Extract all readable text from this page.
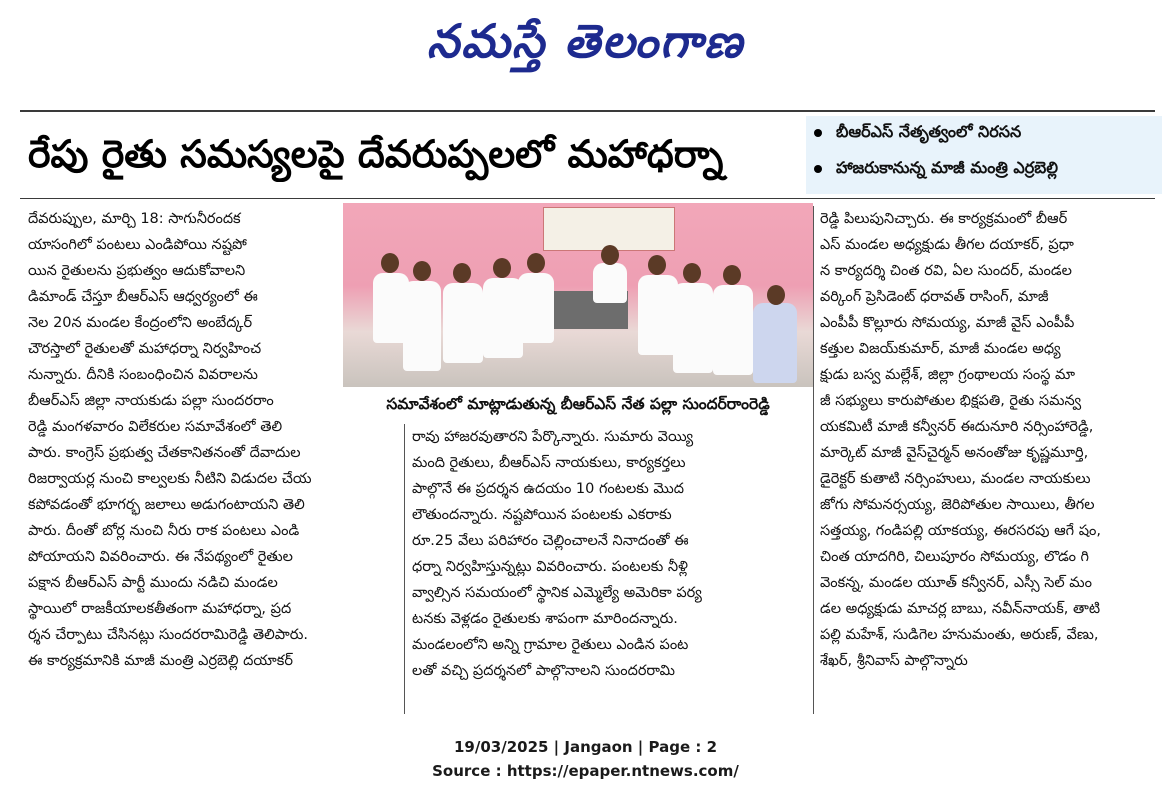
నమస్తే తెలంగాణ
రేపు రైతు సమస్యలపై దేవరుప్పలలో మహాధర్నా
బీఆర్ఎస్ నేతృత్వంలో నిరసన
హాజరుకానున్న మాజీ మంత్రి ఎర్రబెల్లి

దేవరుప్పుల, మార్చి 18: సాగునీరందక

యాసంగిలో పంటలు ఎండిపోయి నష్టపో

యిన రైతులను ప్రభుత్వం ఆదుకోవాలని

డిమాండ్ చేస్తూ బీఆర్ఎస్ ఆధ్వర్యంలో ఈ

నెల 20న మండల కేంద్రంలోని అంబేద్కర్

చౌరస్తాలో రైతులతో మహాధర్నా నిర్వహించ

నున్నారు. దీనికి సంబంధించిన వివరాలను

బీఆర్ఎస్ జిల్లా నాయకుడు పల్లా సుందరరాం

రెడ్డి మంగళవారం విలేకరుల సమావేశంలో తెలి

పారు. కాంగ్రెస్ ప్రభుత్వ చేతకానితనంతో దేవాదుల

రిజర్వాయర్ల నుంచి కాల్వలకు నీటిని విడుదల చేయ

కపోవడంతో భూగర్భ జలాలు అడుగంటాయని తెలి

పారు. దీంతో బోర్ల నుంచి నీరు రాక పంటలు ఎండి

పోయాయని వివరించారు. ఈ నేపథ్యంలో రైతుల

పక్షాన బీఆర్ఎస్ పార్టీ ముందు నడిచి మండల

స్థాయిలో రాజకీయాలకతీతంగా మహాధర్నా, ప్రద

ర్శన చేర్పాటు చేసినట్లు సుందరరామిరెడ్డి తెలిపారు.

ఈ కార్యక్రమానికి మాజీ మంత్రి ఎర్రబెల్లి దయాకర్

సమావేశంలో మాట్లాడుతున్న బీఆర్ఎస్ నేత పల్లా సుందర్‌రాంరెడ్డి

రావు హాజరవుతారని పేర్కొన్నారు. సుమారు వెయ్యి

మంది రైతులు, బీఆర్ఎస్ నాయకులు, కార్యకర్తలు

పాల్గొనే ఈ ప్రదర్శన ఉదయం 10 గంటలకు మొద

లౌతుందన్నారు. నష్టపోయిన పంటలకు ఎకరాకు

రూ.25 వేలు పరిహారం చెల్లించాలనే నినాదంతో ఈ

ధర్నా నిర్వహిస్తున్నట్లు వివరించారు. పంటలకు నీళ్లి

వ్వాల్సిన సమయంలో స్థానిక ఎమ్మెల్యే అమెరికా పర్య

టనకు వెళ్లడం రైతులకు శాపంగా మారిందన్నారు.

మండలంలోని అన్ని గ్రామాల రైతులు ఎండిన పంట

లతో వచ్చి ప్రదర్శనలో పాల్గొనాలని సుందరరామి

రెడ్డి పిలుపునిచ్చారు. ఈ కార్యక్రమంలో బీఆర్

ఎస్ మండల అధ్యక్షుడు తీగల దయాకర్, ప్రధా

న కార్యదర్శి చింత రవి, ఏల సుందర్, మండల

వర్కింగ్ ప్రెసిడెంట్ ధరావత్ రాసింగ్, మాజీ

ఎంపీపీ కొల్లూరు సోమయ్య, మాజీ వైస్ ఎంపీపీ

కత్తుల విజయ్‌కుమార్, మాజీ మండల అధ్య

క్షుడు బస్వ మల్లేశ్, జిల్లా గ్రంథాలయ సంస్థ మా

జీ సభ్యులు కారుపోతుల భిక్షపతి, రైతు సమన్వ

యకమిటీ మాజీ కన్వీనర్ ఈదునూరి నర్సింహారెడ్డి,

మార్కెట్ మాజీ వైస్‌చైర్మన్ అనంతోజు కృష్ణమూర్తి,

డైరెక్టర్ కుతాటి నర్సింహులు, మండల నాయకులు

జోగు సోమనర్సయ్య, జెరిపోతుల సాయిలు, తీగల

సత్తయ్య, గండిపల్లి యాకయ్య, ఈరసరపు ఆగే షం,

చింత యాదగిరి, చిలుపూరం సోమయ్య, లొడం గి

వెంకన్న, మండల యూత్ కన్వీనర్, ఎస్సీ సెల్ మం

డల అధ్యక్షుడు మాచర్ల బాబు, నవీన్‌నాయక్, తాటి

పల్లి మహేశ్, సుడిగెల హనుమంతు, అరుణ్, వేణు,

శేఖర్, శ్రీనివాస్ పాల్గొన్నారు

19/03/2025 | Jangaon | Page : 2
Source : https://epaper.ntnews.com/
